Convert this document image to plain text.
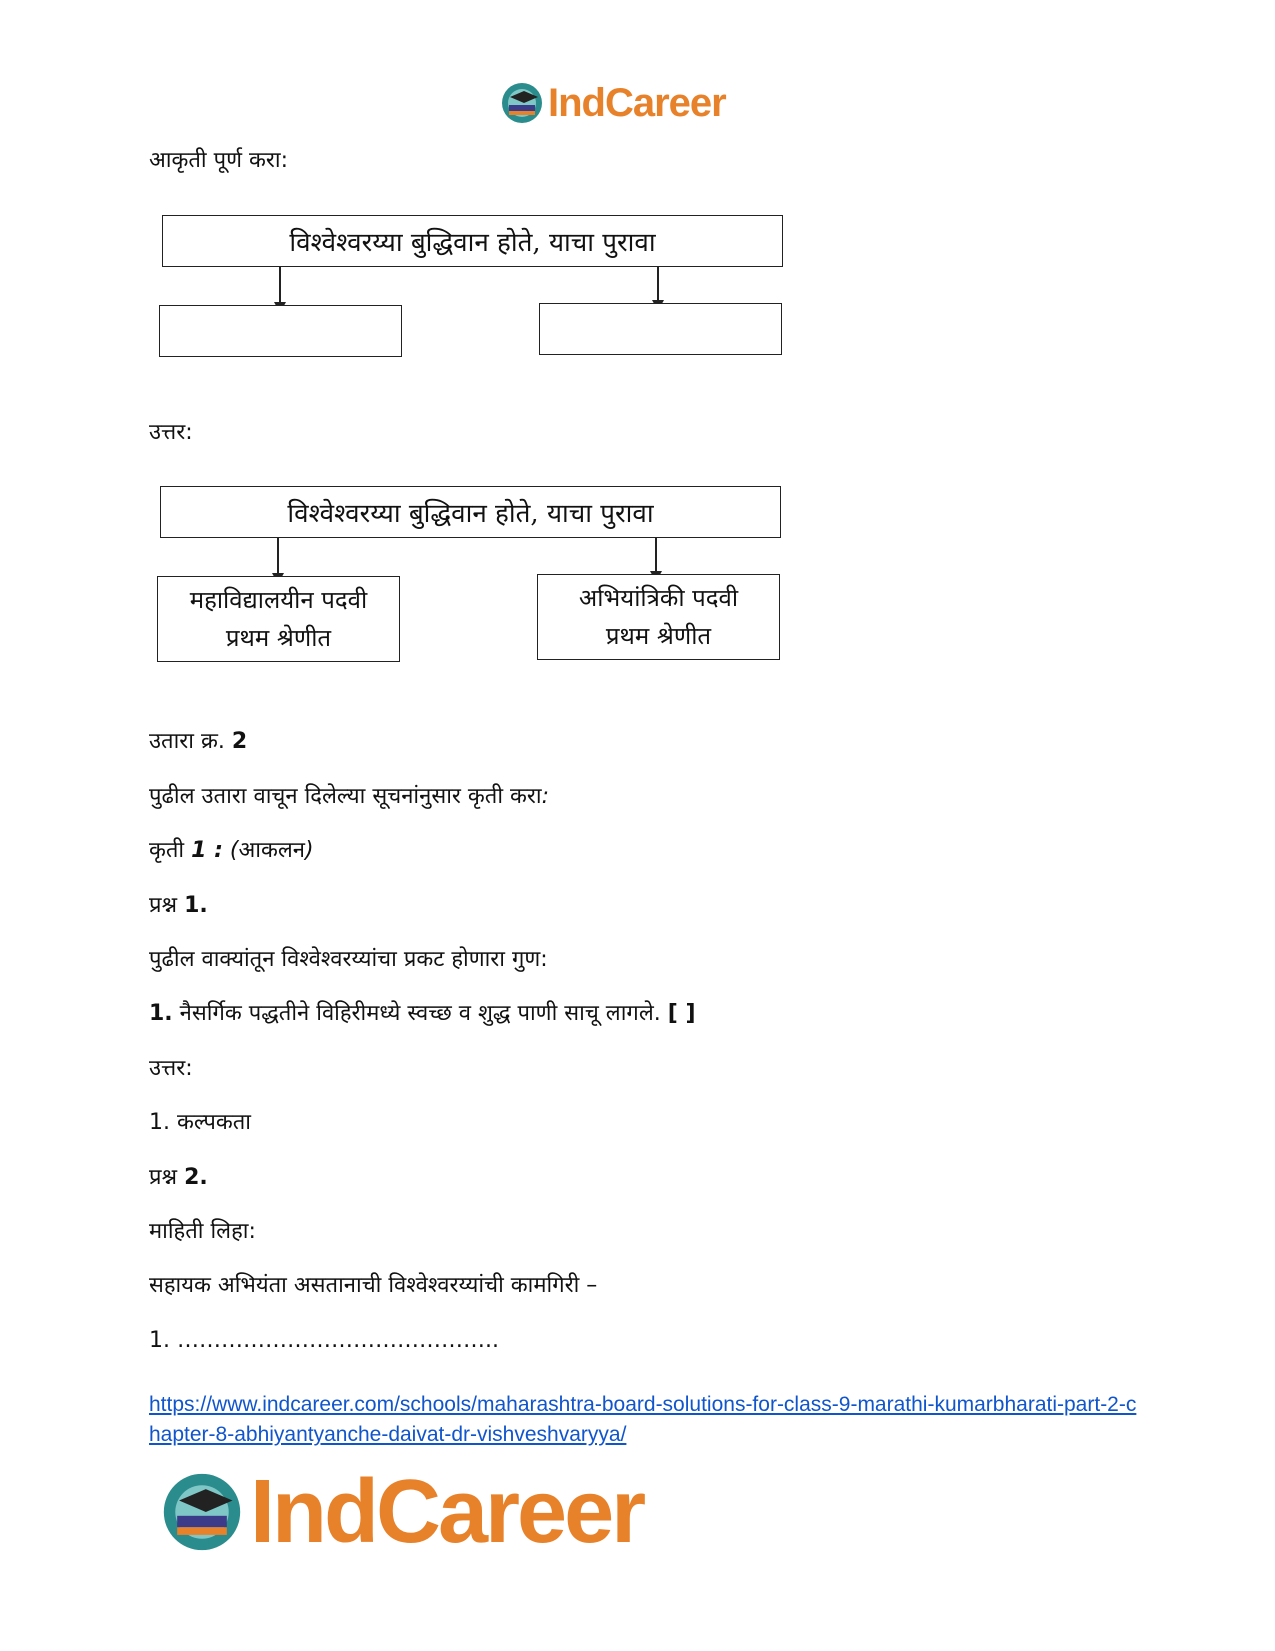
IndCareer
आकृती पूर्ण करा:
विश्वेश्वरय्या बुद्धिवान होते, याचा पुरावा
उत्तर:
विश्वेश्वरय्या बुद्धिवान होते, याचा पुरावा
महाविद्यालयीन पदवी
प्रथम श्रेणीत
अभियांत्रिकी पदवी
प्रथम श्रेणीत
उतारा क्र. 2
पुढील उतारा वाचून दिलेल्या सूचनांनुसार कृती करा:
कृती 1 : (आकलन)
प्रश्न 1.
पुढील वाक्यांतून विश्वेश्वरय्यांचा प्रकट होणारा गुण:
1. नैसर्गिक पद्धतीने विहिरीमध्ये स्वच्छ व शुद्ध पाणी साचू लागले. [ ]
उत्तर:
1. कल्पकता
प्रश्न 2.
माहिती लिहा:
सहायक अभियंता असतानाची विश्वेश्वरय्यांची कामगिरी –
1. ……………………………………..
https://www.indcareer.com/schools/maharashtra-board-solutions-for-class-9-marathi-kumarbharati-part-2-chapter-8-abhiyantyanche-daivat-dr-vishveshvaryya/
IndCareer
